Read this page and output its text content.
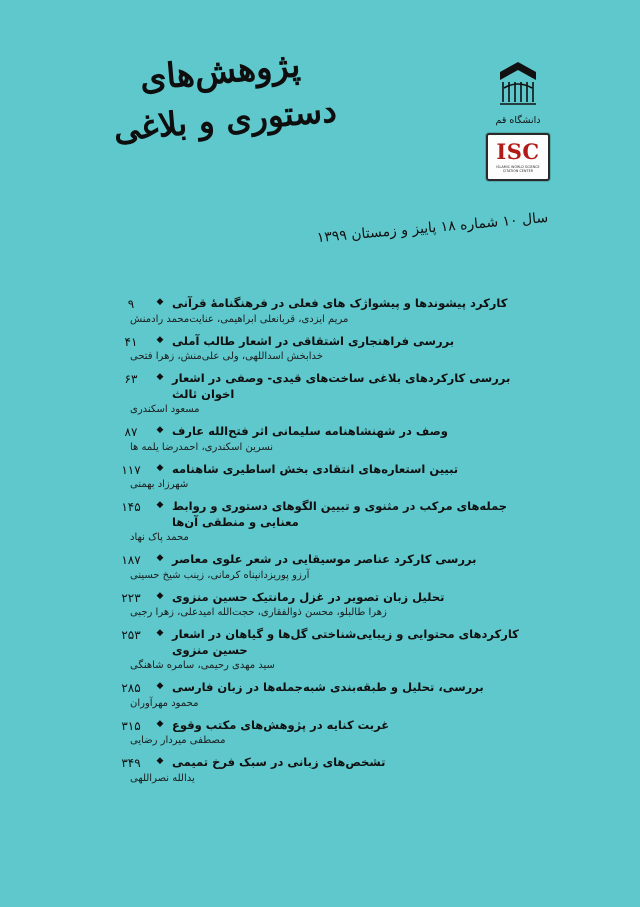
دانشگاه قم
ISC
ISLAMIC WORLD SCIENCE CITATION CENTER
پژوهش‌های
دستوری و بلاغی
سال ۱۰ شماره ۱۸ پاییز و زمستان ۱۳۹۹
۹	کارکرد پیشوندها و پیشواژک های فعلی در فرهنگنامۀ قرآنی
◆
مریم ایزدی، قربانعلی ابراهیمی، عنایت‌محمد رادمنش
۴۱	بررسی فراهنجاری اشتقاقی در اشعار طالب آملی
◆
خدابخش اسداللهی، ولی علی‌منش، زهرا فتحی
۶۳	بررسی کارکردهای بلاغی ساخت‌های قیدی- وصفی در اشعار اخوان ثالث
◆
مسعود اسکندری
۸۷	وصف در شهنشاهنامه سلیمانی اثر فتح‌الله عارف
◆
نسرین اسکندری، احمدرضا یلمه ها
۱۱۷	تبیین استعاره‌های انتقادی بخش اساطیری شاهنامه
◆
شهرزاد بهمنی
۱۴۵	جمله‌های مرکب در مثنوی و تبیین الگوهای دستوری و روابط معنایی و منطقی آن‌ها
◆
محمد پاک نهاد
۱۸۷	بررسی کارکرد عناصر موسیقایی در شعر علوی معاصر
◆
آرزو پوریزدانپناه کرمانی، زینب شیخ حسینی
۲۲۳	تحلیل زبان تصویر در غزل رمانتیک حسین منزوی
◆
زهرا طالبلو، محسن ذوالفقاری، حجت‌الله امیدعلی، زهرا رجبی
۲۵۳	کارکردهای محتوایی و زیبایی‌شناختی گل‌ها و گیاهان در اشعار حسین منزوی
◆
سید مهدی رحیمی، سامره شاهنگی
۲۸۵	بررسی، تحلیل و طبقه‌بندی شبه‌جمله‌ها در زبان فارسی
◆
محمود مهرآوران
۳۱۵	غربت کنایه در پژوهش‌های مکتب وقوع
◆
مصطفی میردار رضایی
۳۴۹	تشخص‌های زبانی در سبک فرخ تمیمی
◆
یدالله نصراللهی
